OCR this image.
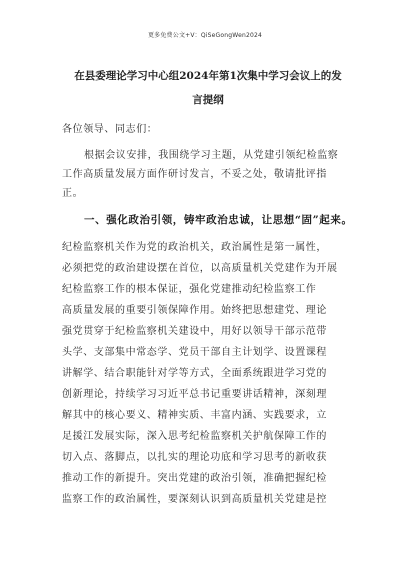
更多免费公文+V：QiSeGongWen2024
在县委理论学习中心组2024年第1次集中学习会议上的发
言提纲
各位领导、同志们：
根据会议安排，我围绕学习主题，从党建引领纪检监察
工作高质量发展方面作研讨发言，不妥之处，敬请批评指
正。
一、强化政治引领，铸牢政治忠诚，让思想“固”起来。
纪检监察机关作为党的政治机关，政治属性是第一属性，
必须把党的政治建设摆在首位，以高质量机关党建作为开展
纪检监察工作的根本保证，强化党建推动纪检监察工作
高质量发展的重要引领保障作用。始终把思想建党、理论
强党贯穿于纪检监察机关建设中，用好以领导干部示范带
头学、支部集中常态学、党员干部自主计划学、设置课程
讲解学、结合职能针对学等方式，全面系统跟进学习党的
创新理论，持续学习习近平总书记重要讲话精神，深刻理
解其中的核心要义、精神实质、丰富内涵、实践要求，立
足援江发展实际，深入思考纪检监察机关护航保障工作的
切入点、落脚点，以扎实的理论功底和学习思考的新收获
推动工作的新提升。突出党建的政治引领，准确把握纪检
监察工作的政治属性，要深刻认识到高质量机关党建是控
